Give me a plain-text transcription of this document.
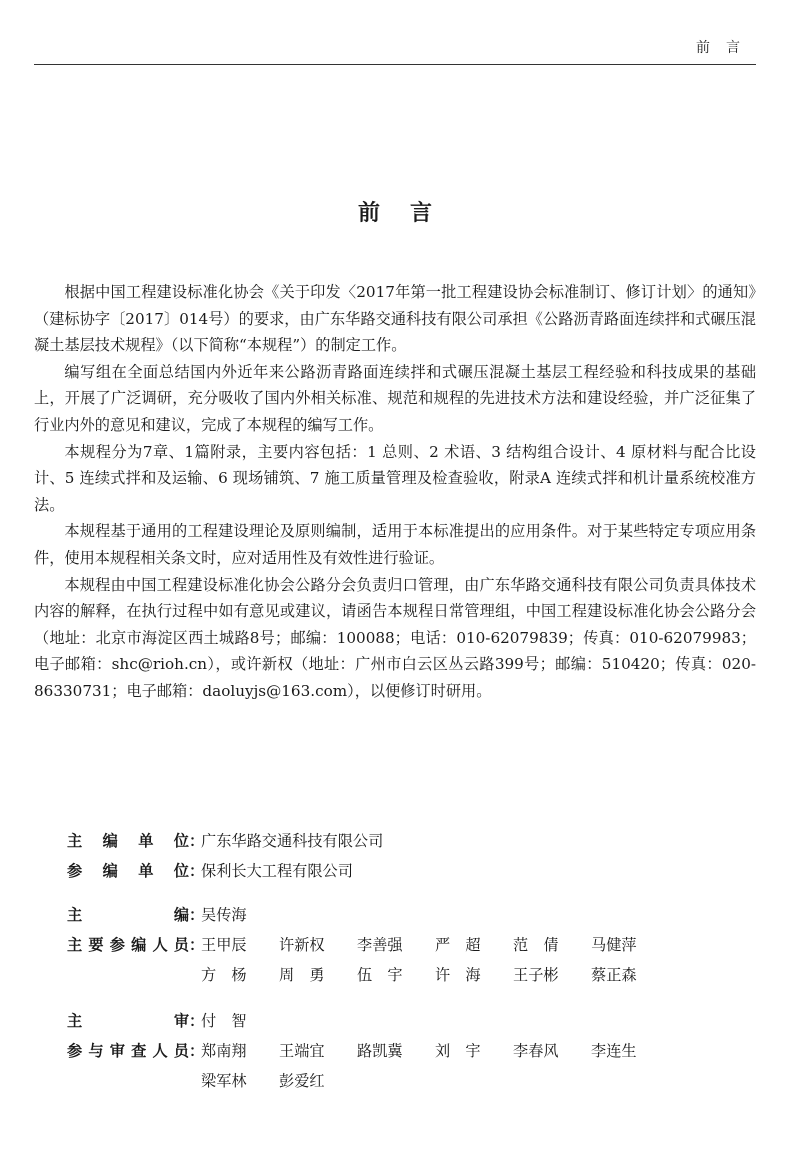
前言
前言

根据中国工程建设标准化协会《关于印发〈2017年第一批工程建设协会标准制订、修订计划〉的通知》（建标协字〔2017〕014号）的要求，由广东华路交通科技有限公司承担《公路沥青路面连续拌和式碾压混凝土基层技术规程》（以下简称“本规程”）的制定工作。

编写组在全面总结国内外近年来公路沥青路面连续拌和式碾压混凝土基层工程经验和科技成果的基础上，开展了广泛调研，充分吸收了国内外相关标准、规范和规程的先进技术方法和建设经验，并广泛征集了行业内外的意见和建议，完成了本规程的编写工作。

本规程分为7章、1篇附录，主要内容包括：1 总则、2 术语、3 结构组合设计、4 原材料与配合比设计、5 连续式拌和及运输、6 现场铺筑、7 施工质量管理及检查验收，附录A 连续式拌和机计量系统校准方法。

本规程基于通用的工程建设理论及原则编制，适用于本标准提出的应用条件。对于某些特定专项应用条件，使用本规程相关条文时，应对适用性及有效性进行验证。

本规程由中国工程建设标准化协会公路分会负责归口管理，由广东华路交通科技有限公司负责具体技术内容的解释，在执行过程中如有意见或建议，请函告本规程日常管理组，中国工程建设标准化协会公路分会（地址：北京市海淀区西土城路8号；邮编：100088；电话：010-62079839；传真：010-62079983；电子邮箱：shc@rioh.cn），或许新权（地址：广州市白云区丛云路399号；邮编：510420；传真：020-86330731；电子邮箱：daoluyjs@163.com），以便修订时研用。

主 编 单 位 ：
广东华路交通科技有限公司
参 编 单 位 ：
保利长大工程有限公司
主	编 ：
吴传海
主 要 参 编 人 员 ：
王甲辰	许新权	李善强	严　超	范　倩	马健萍
方　杨	周　勇	伍　宇	许　海	王子彬	蔡正森
主	审 ：
付　智
参 与 审 查 人 员 ：
郑南翔	王端宜	路凯冀	刘　宇	李春风	李连生
梁军林	彭爱红
